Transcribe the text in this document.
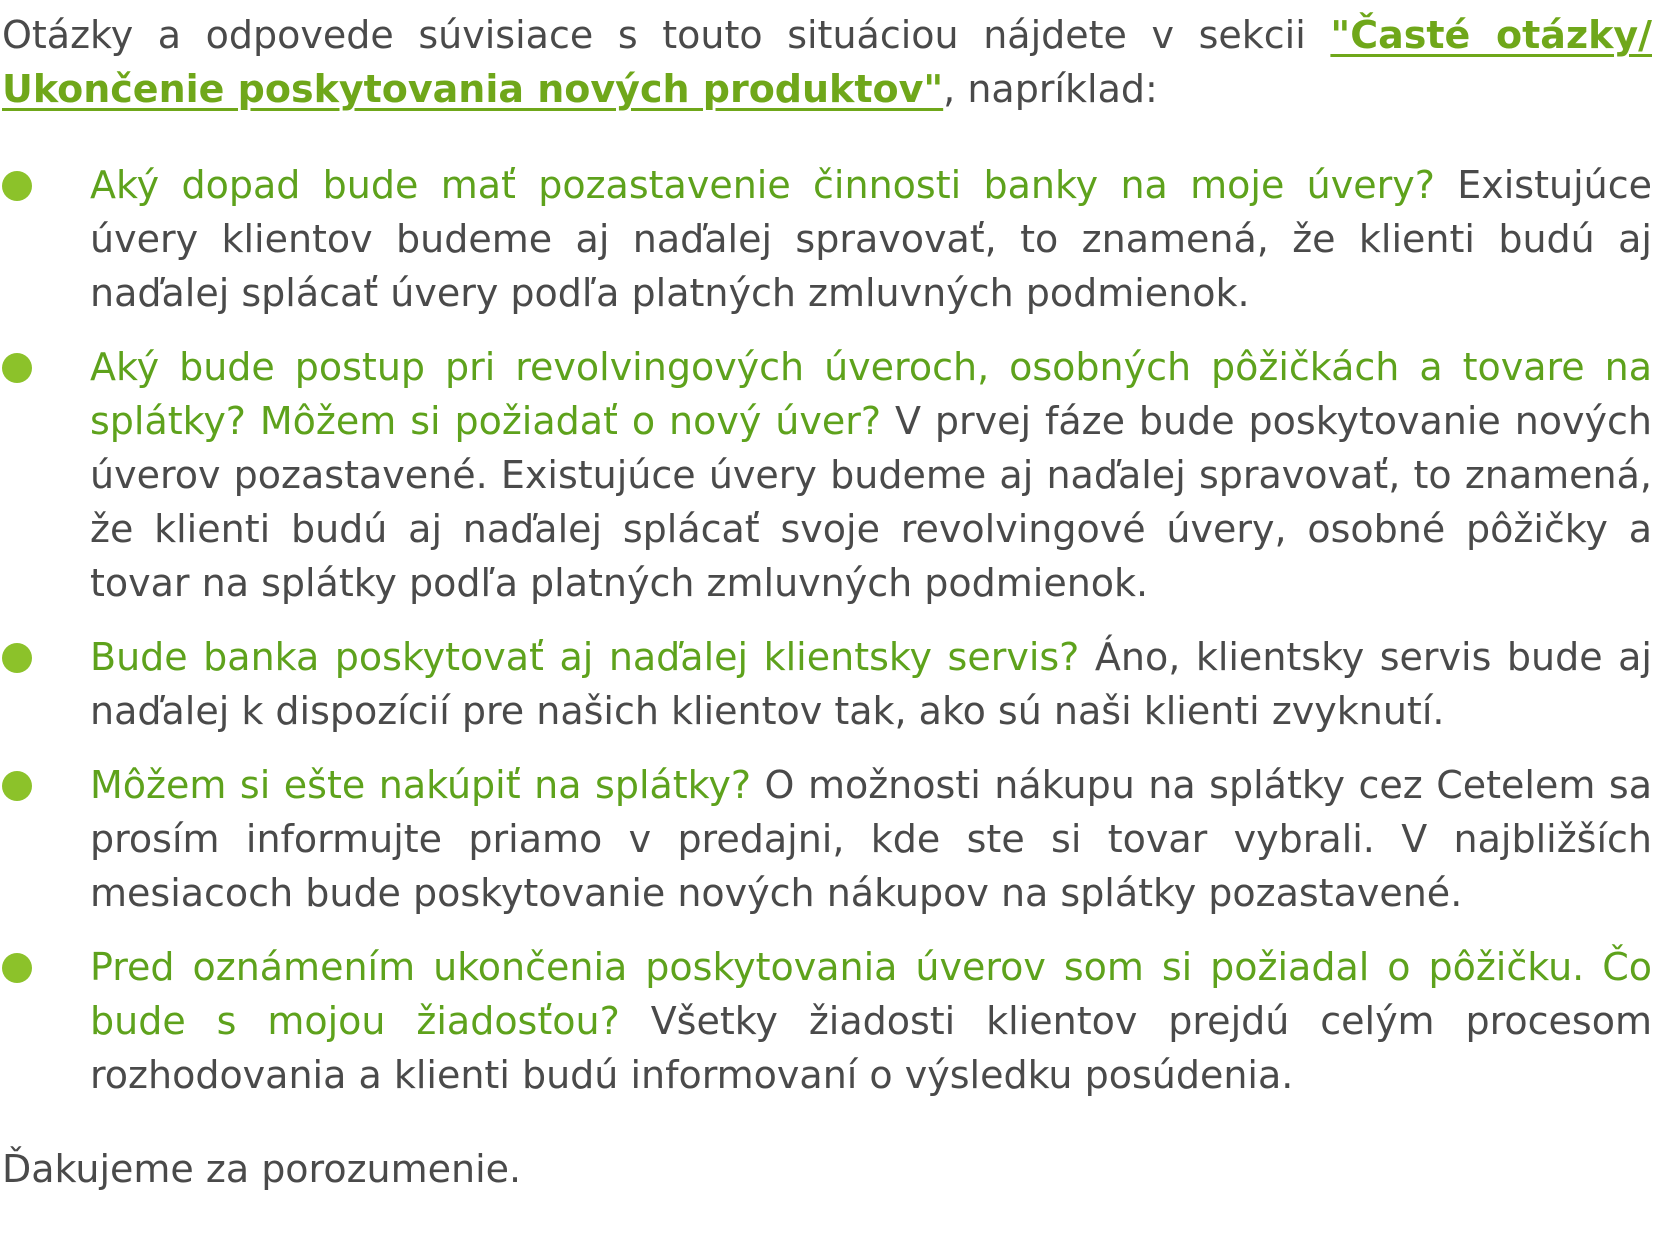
Otázky a odpovede súvisiace s touto situáciou nájdete v sekcii "Časté otázky/ Ukončenie poskytovania nových produktov", napríklad:

Aký dopad bude mať pozastavenie činnosti banky na moje úvery? Existujúce úvery klientov budeme aj naďalej spravovať, to znamená, že klienti budú aj naďalej splácať úvery podľa platných zmluvných podmienok.
Aký bude postup pri revolvingových úveroch, osobných pôžičkách a tovare na splátky? Môžem si požiadať o nový úver? V prvej fáze bude poskytovanie nových úverov pozastavené. Existujúce úvery budeme aj naďalej spravovať, to znamená, že klienti budú aj naďalej splácať svoje revolvingové úvery, osobné pôžičky a tovar na splátky podľa platných zmluvných podmienok.
Bude banka poskytovať aj naďalej klientsky servis? Áno, klientsky servis bude aj naďalej k dispozícií pre našich klientov tak, ako sú naši klienti zvyknutí.
Môžem si ešte nakúpiť na splátky? O možnosti nákupu na splátky cez Cetelem sa prosím informujte priamo v predajni, kde ste si tovar vybrali. V najbližších mesiacoch bude poskytovanie nových nákupov na splátky pozastavené.
Pred oznámením ukončenia poskytovania úverov som si požiadal o pôžičku. Čo bude s mojou žiadosťou? Všetky žiadosti klientov prejdú celým procesom rozhodovania a klienti budú informovaní o výsledku posúdenia.

Ďakujeme za porozumenie.
